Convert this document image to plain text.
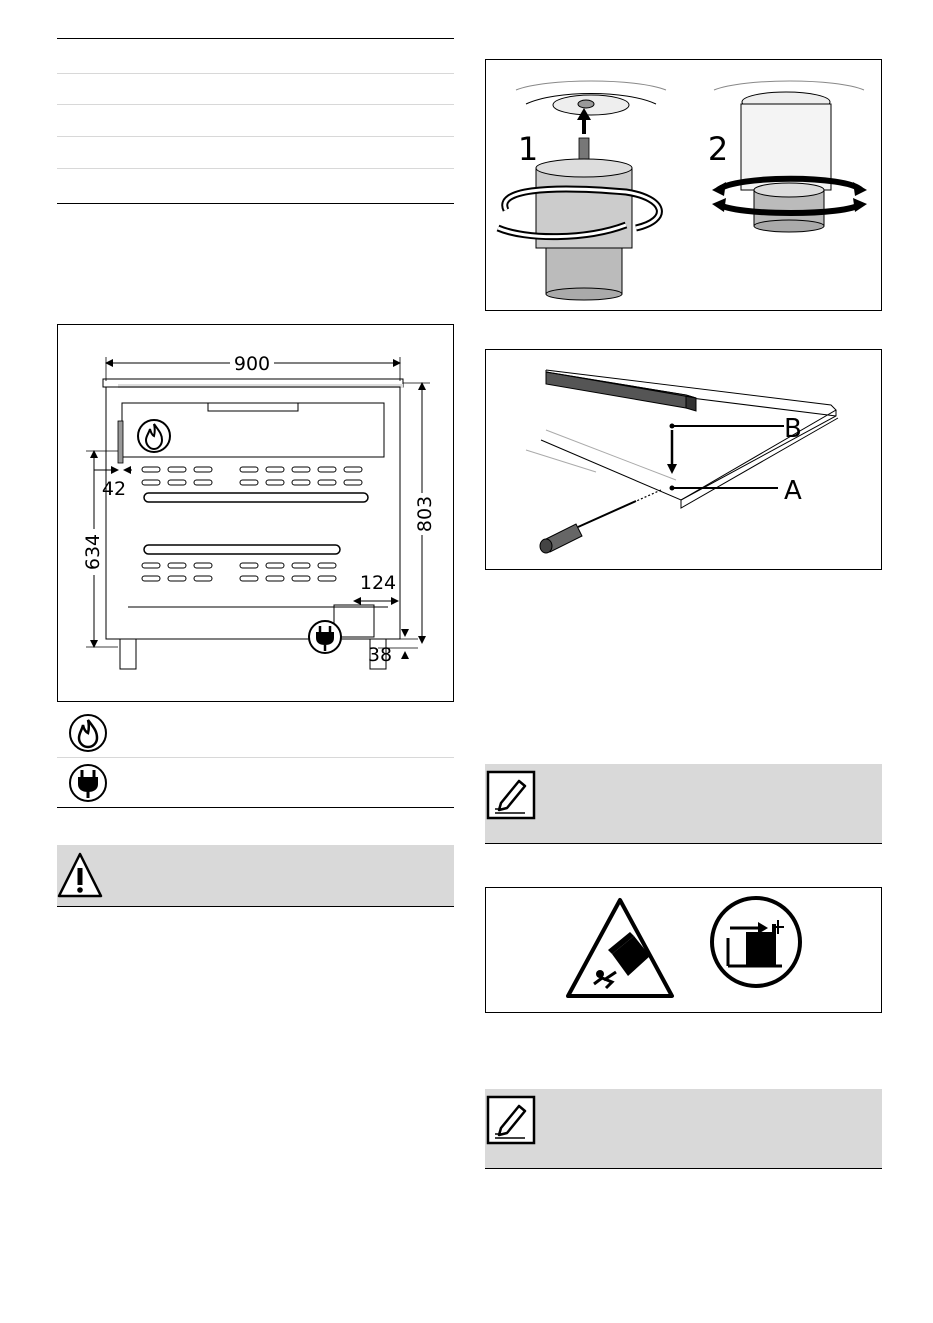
900
803
634
42
124
38
1	2
B
A
